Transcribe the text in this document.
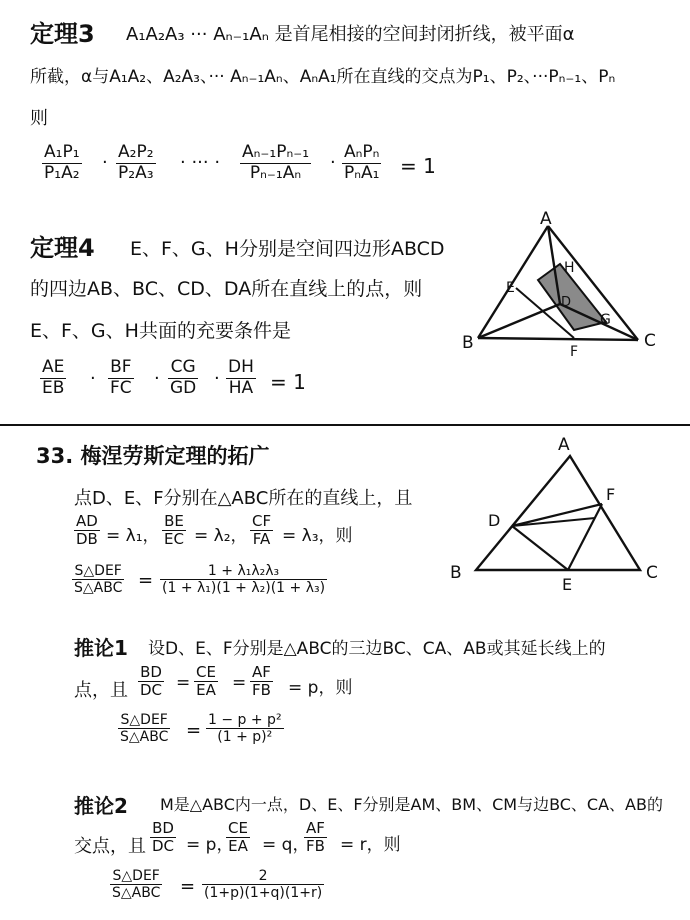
定理3 A₁A₂A₃ ··· Aₙ₋₁Aₙ 是首尾相接的空间封闭折线，被平面α
所截，α与A₁A₂、A₂A₃、··· Aₙ₋₁Aₙ、AₙA₁所在直线的交点为P₁、P₂、···Pₙ₋₁、Pₙ
则
$\frac{\text{A₁P₁}}{\text{P₁A₂}} \cdot \frac{\text{A₂P₂}}{\text{P₂A₃}}$ · ··· · $\frac{\text{Aₙ₋₁Pₙ₋₁}}{\text{Pₙ₋₁Aₙ}} \cdot A_nP_n$
PₙA₁ = 1
定理4 E、F、G、H分别是空间四边形ABCD
的四边AB、BC、CD、DA所在直线上的点，则
E、F、G、H共面的充要条件是
$\frac{AE}{EB} \cdot \frac{BF}{FC} \cdot \frac{CG}{GD} \cdot \frac{DH}{HA} = 1$
A
H
E
D
G
B	F
C
33. 梅涅劳斯定理的拓广
点D、E、F分别在△ABC所在的直线上，且
$\frac{AD}{DB} = \lambda_1$， $\frac{BE}{EC} = \lambda_2$， $\frac{CF}{FA} = \lambda_3$，则
S△DEF
S△ABC = $\frac{\text{1 + λ₁λ₂λ₃}}{\text{(1 + λ₁)(1 + λ₂)(1 + λ₃)}}$
A
F
D
B
E
C
推论1 设D、E、F分别是△ABC的三边BC、CA、AB或其延长线上的
点，且 $\frac{BD}{DC} = \frac{CE}{EA} = \frac{AF}{FB} = p$，则
S△DEF
S△ABC = $\frac{\text{1 − p + p²}}{\text{(1 + p)²}}$
推论2 M是△ABC内一点，D、E、F分别是AM、BM、CM与边BC、CA、AB的
交点，且 $\frac{BD}{DC} = p$，
$\frac{CE}{EA} = q$，
$\frac{AF}{FB} = r$，则
S△DEF
S△ABC = $\frac{2}{(1+p)(1+q)(1+r)}$
